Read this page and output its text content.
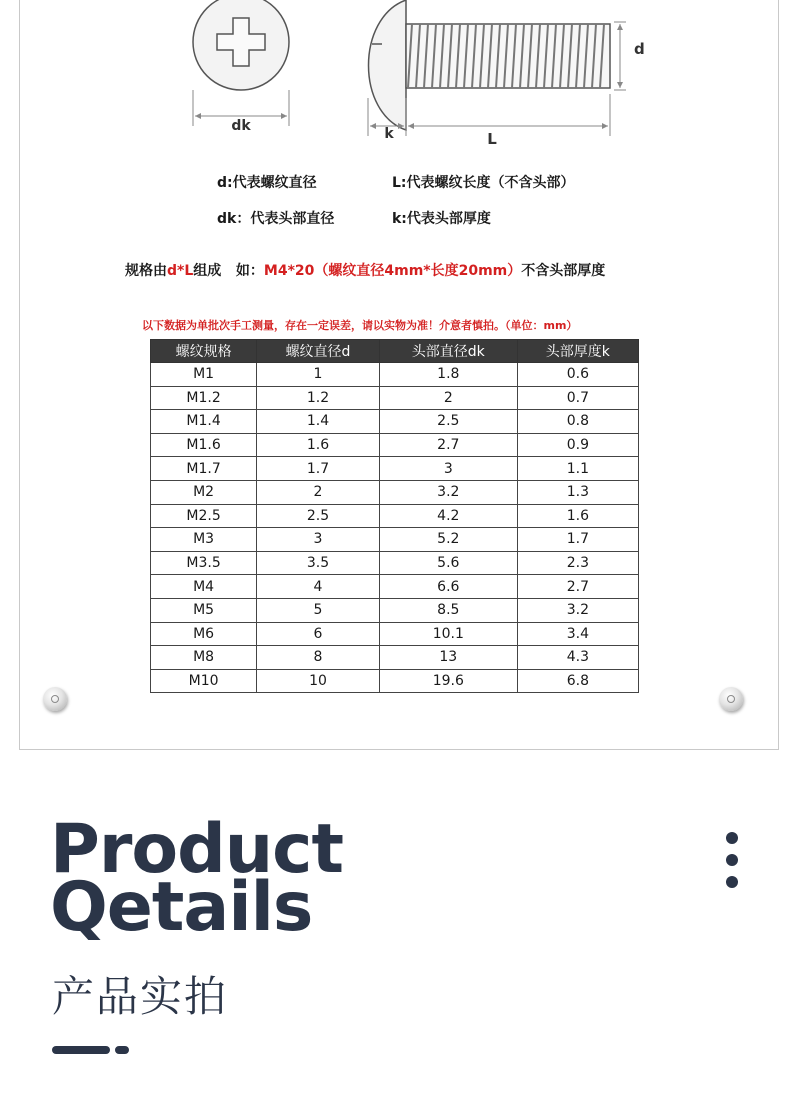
dk
d
k	L
d:代表螺纹直径	L:代表螺纹长度（不含头部）
dk：代表头部直径	k:代表头部厚度
规格由d*L组成   如：M4*20（螺纹直径4mm*长度20mm）不含头部厚度
以下数据为单批次手工测量，存在一定误差，请以实物为准！介意者慎拍。（单位：mm）
螺纹规格	螺纹直径d	头部直径dk	头部厚度k
M1	1	1.8	0.6
M1.2	1.2	2	0.7
M1.4	1.4	2.5	0.8
M1.6	1.6	2.7	0.9
M1.7	1.7	3	1.1
M2	2	3.2	1.3
M2.5	2.5	4.2	1.6
M3	3	5.2	1.7
M3.5	3.5	5.6	2.3
M4	4	6.6	2.7
M5	5	8.5	3.2
M6	6	10.1	3.4
M8	8	13	4.3
M10	10	19.6	6.8
Product
Qetails
产品实拍
